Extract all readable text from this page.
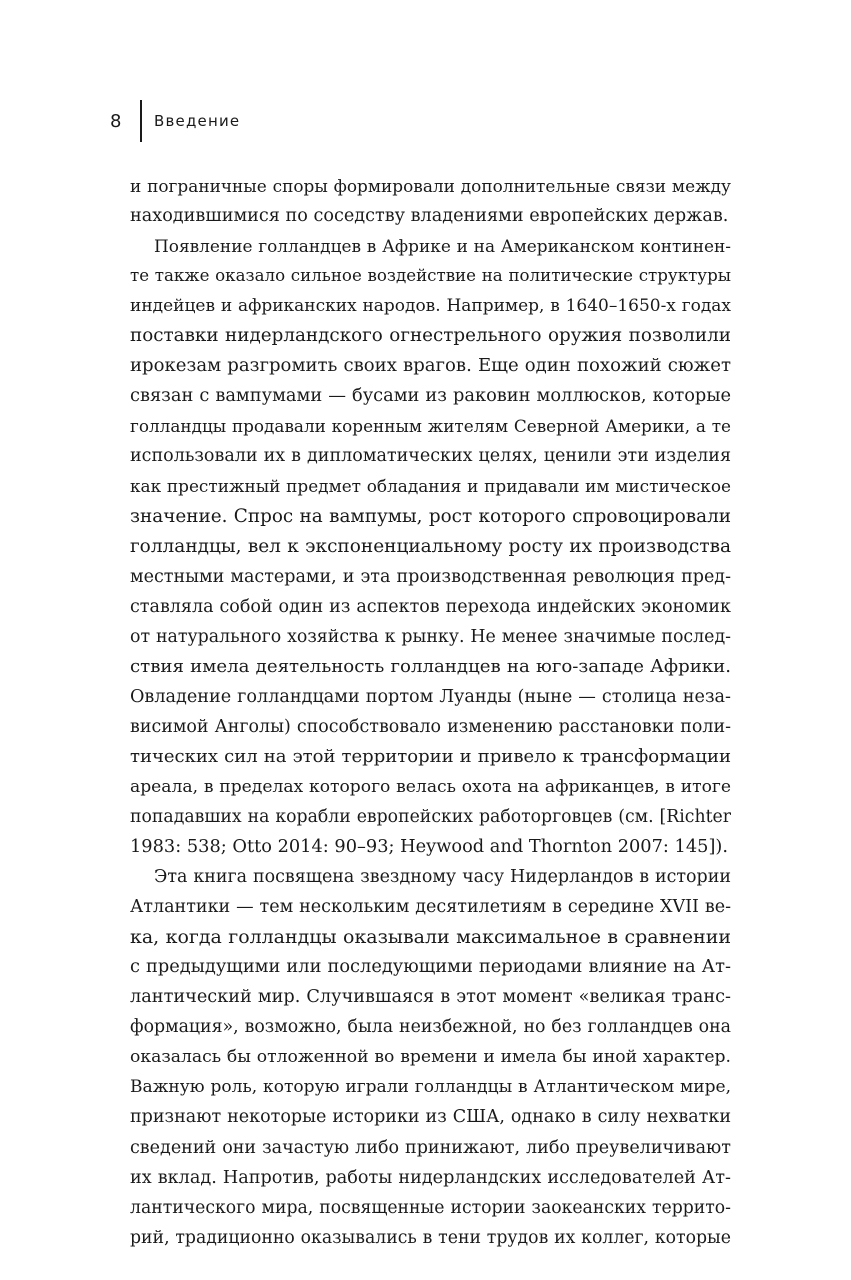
8	Введение
и пограничные споры формировали дополнительные связи между
находившимися по соседству владениями европейских держав.
Появление голландцев в Африке и на Американском континен-
те также оказало сильное воздействие на политические структуры
индейцев и африканских народов. Например, в 1640–1650-х годах
поставки нидерландского огнестрельного оружия позволили
ирокезам разгромить своих врагов. Еще один похожий сюжет
связан с вампумами — бусами из раковин моллюсков, которые
голландцы продавали коренным жителям Северной Америки, а те
использовали их в дипломатических целях, ценили эти изделия
как престижный предмет обладания и придавали им мистическое
значение. Спрос на вампумы, рост которого спровоцировали
голландцы, вел к экспоненциальному росту их производства
местными мастерами, и эта производственная революция пред-
ставляла собой один из аспектов перехода индейских экономик
от натурального хозяйства к рынку. Не менее значимые послед-
ствия имела деятельность голландцев на юго-западе Африки.
Овладение голландцами портом Луанды (ныне — столица неза-
висимой Анголы) способствовало изменению расстановки поли-
тических сил на этой территории и привело к трансформации
ареала, в пределах которого велась охота на африканцев, в итоге
попадавших на корабли европейских работорговцев (см. [Richter
1983: 538; Otto 2014: 90–93; Heywood and Thornton 2007: 145]).
Эта книга посвящена звездному часу Нидерландов в истории
Атлантики — тем нескольким десятилетиям в середине XVII ве-
ка, когда голландцы оказывали максимальное в сравнении
с предыдущими или последующими периодами влияние на Ат-
лантический мир. Случившаяся в этот момент «великая транс-
формация», возможно, была неизбежной, но без голландцев она
оказалась бы отложенной во времени и имела бы иной характер.
Важную роль, которую играли голландцы в Атлантическом мире,
признают некоторые историки из США, однако в силу нехватки
сведений они зачастую либо принижают, либо преувеличивают
их вклад. Напротив, работы нидерландских исследователей Ат-
лантического мира, посвященные истории заокеанских террито-
рий, традиционно оказывались в тени трудов их коллег, которые
